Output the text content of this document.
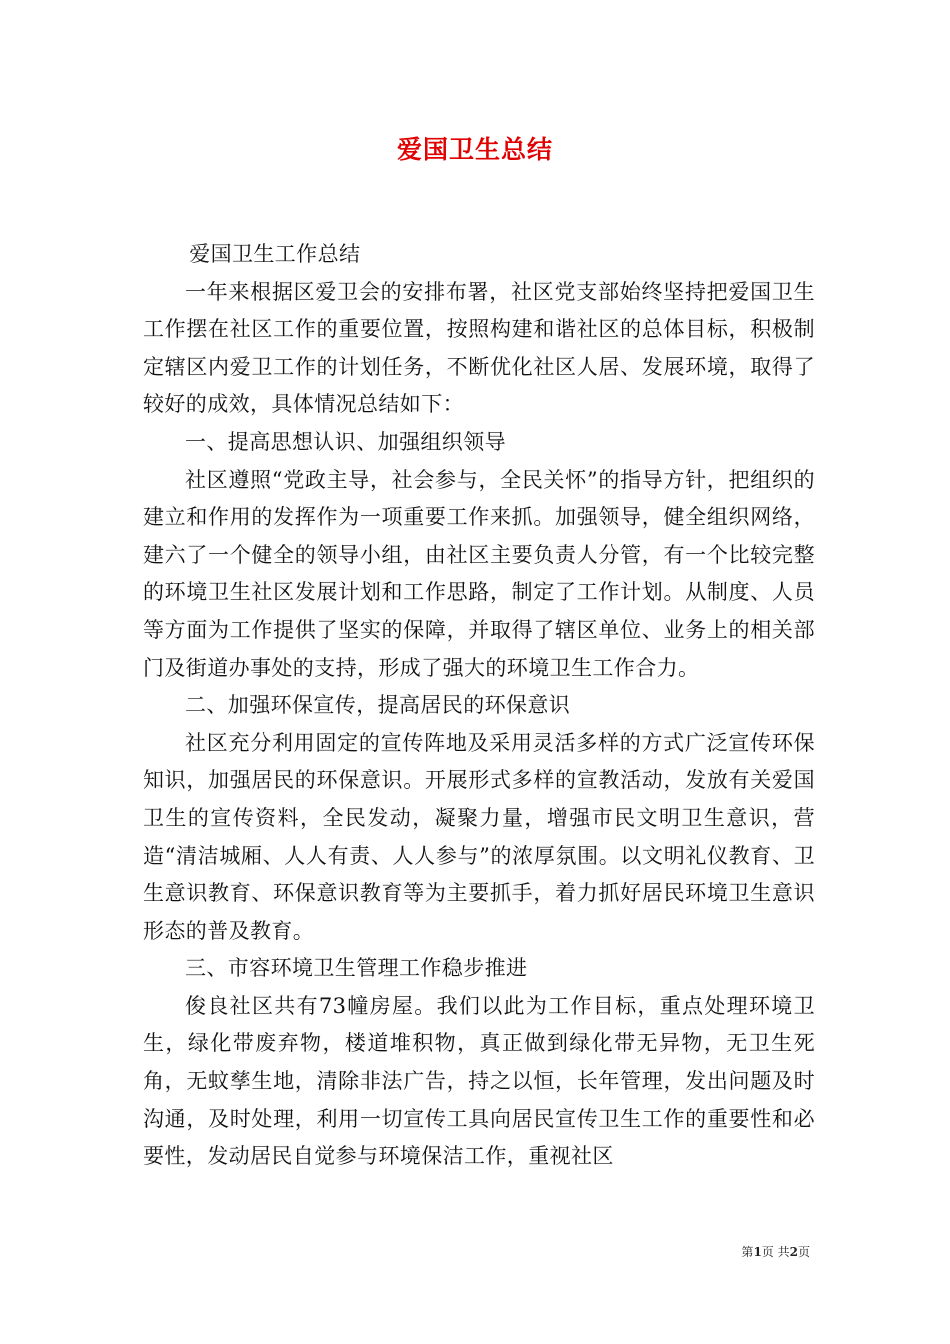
爱国卫生总结

爱国卫生工作总结

一年来根据区爱卫会的安排布署，社区党支部始终坚持把爱国卫生工作摆在社区工作的重要位置，按照构建和谐社区的总体目标，积极制定辖区内爱卫工作的计划任务，不断优化社区人居、发展环境，取得了较好的成效，具体情况总结如下：

一、提高思想认识、加强组织领导

社区遵照“党政主导，社会参与，全民关怀”的指导方针，把组织的建立和作用的发挥作为一项重要工作来抓。加强领导，健全组织网络，建六了一个健全的领导小组，由社区主要负责人分管，有一个比较完整的环境卫生社区发展计划和工作思路，制定了工作计划。从制度、人员等方面为工作提供了坚实的保障，并取得了辖区单位、业务上的相关部门及街道办事处的支持，形成了强大的环境卫生工作合力。

二、加强环保宣传，提高居民的环保意识

社区充分利用固定的宣传阵地及采用灵活多样的方式广泛宣传环保知识，加强居民的环保意识。开展形式多样的宣教活动，发放有关爱国卫生的宣传资料，全民发动，凝聚力量，增强市民文明卫生意识，营造“清洁城厢、人人有责、人人参与”的浓厚氛围。以文明礼仪教育、卫生意识教育、环保意识教育等为主要抓手，着力抓好居民环境卫生意识形态的普及教育。

三、市容环境卫生管理工作稳步推进

俊良社区共有73幢房屋。我们以此为工作目标，重点处理环境卫生，绿化带废弃物，楼道堆积物，真正做到绿化带无异物，无卫生死角，无蚊孳生地，清除非法广告，持之以恒，长年管理，发出问题及时沟通，及时处理，利用一切宣传工具向居民宣传卫生工作的重要性和必要性，发动居民自觉参与环境保洁工作，重视社区

第1页 共2页
